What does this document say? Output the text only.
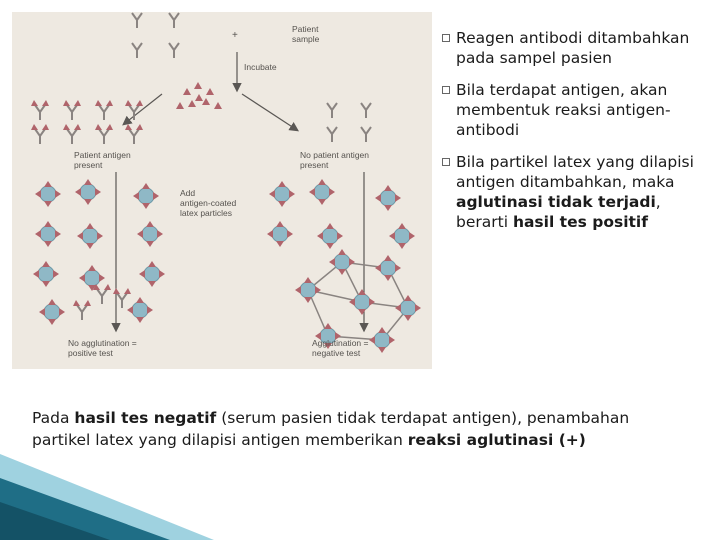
+
Patient sample
Incubate
Patient antigen present
No patient antigen present
Add antigen-coated latex particles
No agglutination = positive test
Agglutination = negative test
Reagen antibodi ditambahkan pada sampel pasien
Bila terdapat antigen, akan membentuk reaksi antigen-antibodi
Bila partikel latex yang dilapisi antigen ditambahkan, maka aglutinasi tidak terjadi, berarti hasil tes positif

Pada hasil tes negatif (serum pasien tidak terdapat antigen), penambahan partikel latex yang dilapisi antigen memberikan reaksi aglutinasi (+)
